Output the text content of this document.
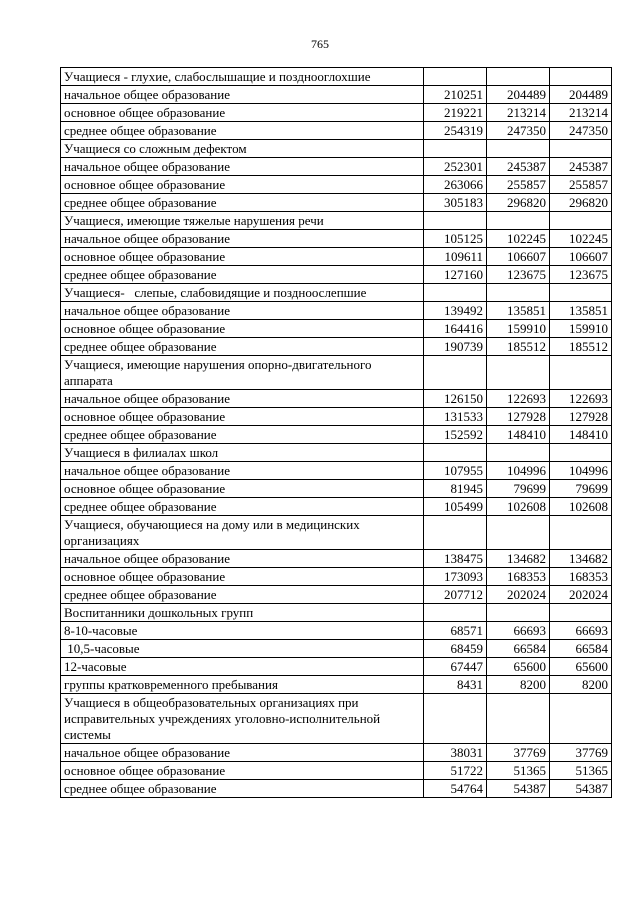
765
Учащиеся - глухие, слабослышащие и позднооглохшие			
начальное общее образование	210251	204489	204489
основное общее образование	219221	213214	213214
среднее общее образование	254319	247350	247350
Учащиеся со сложным дефектом			
начальное общее образование	252301	245387	245387
основное общее образование	263066	255857	255857
среднее общее образование	305183	296820	296820
Учащиеся, имеющие тяжелые нарушения речи			
начальное общее образование	105125	102245	102245
основное общее образование	109611	106607	106607
среднее общее образование	127160	123675	123675
Учащиеся-   слепые, слабовидящие и поздноослепшие			
начальное общее образование	139492	135851	135851
основное общее образование	164416	159910	159910
среднее общее образование	190739	185512	185512
Учащиеся, имеющие нарушения опорно-двигательного аппарата			
начальное общее образование	126150	122693	122693
основное общее образование	131533	127928	127928
среднее общее образование	152592	148410	148410
Учащиеся в филиалах школ			
начальное общее образование	107955	104996	104996
основное общее образование	81945	79699	79699
среднее общее образование	105499	102608	102608
Учащиеся, обучающиеся на дому или в медицинских организациях			
начальное общее образование	138475	134682	134682
основное общее образование	173093	168353	168353
среднее общее образование	207712	202024	202024
Воспитанники дошкольных групп			
8-10-часовые	68571	66693	66693
10,5-часовые	68459	66584	66584
12-часовые	67447	65600	65600
группы кратковременного пребывания	8431	8200	8200
Учащиеся в общеобразовательных организациях при исправительных учреждениях уголовно-исполнительной системы			
начальное общее образование	38031	37769	37769
основное общее образование	51722	51365	51365
среднее общее образование	54764	54387	54387
